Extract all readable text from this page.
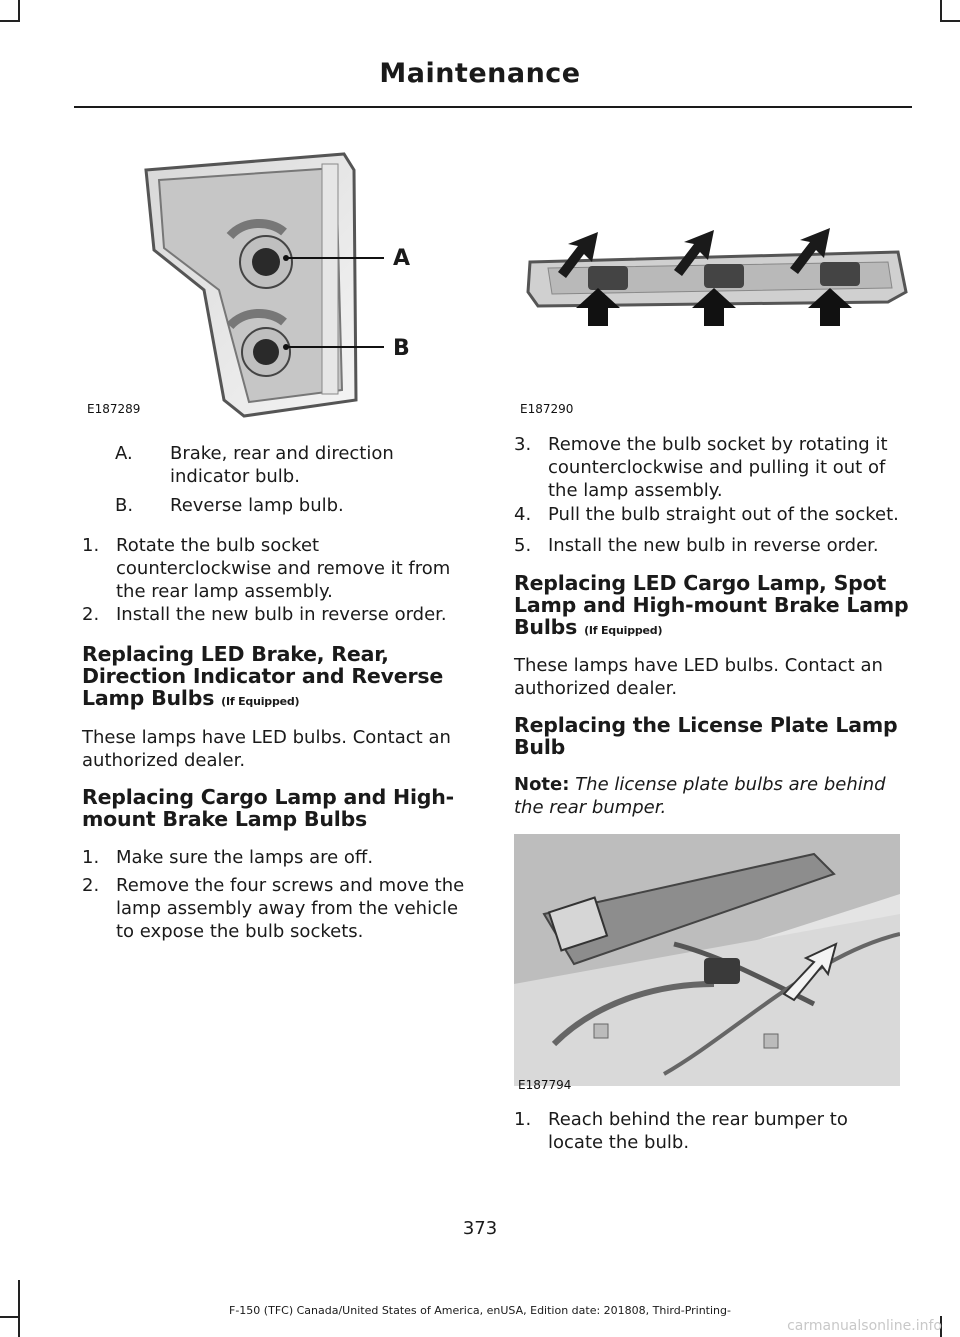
Maintenance
A
B
E187289	E187290
A. Brake, rear and direction indicator bulb.
B. Reverse lamp bulb.
1. Rotate the bulb socket counterclockwise and remove it from the rear lamp assembly.
2. Install the new bulb in reverse order.
Replacing LED Brake, Rear, Direction Indicator and Reverse Lamp Bulbs (If Equipped)

These lamps have LED bulbs. Contact an authorized dealer.

Replacing Cargo Lamp and High-mount Brake Lamp Bulbs
1. Make sure the lamps are off.
2. Remove the four screws and move the lamp assembly away from the vehicle to expose the bulb sockets.
3. Remove the bulb socket by rotating it counterclockwise and pulling it out of the lamp assembly.
4. Pull the bulb straight out of the socket.
5. Install the new bulb in reverse order.
Replacing LED Cargo Lamp, Spot Lamp and High-mount Brake Lamp Bulbs (If Equipped)

These lamps have LED bulbs. Contact an authorized dealer.

Replacing the License Plate Lamp Bulb

Note: The license plate bulbs are behind the rear bumper.

E187794
1. Reach behind the rear bumper to locate the bulb.
373
F-150 (TFC) Canada/United States of America, enUSA, Edition date: 201808, Third-Printing-
carmanualsonline.info
